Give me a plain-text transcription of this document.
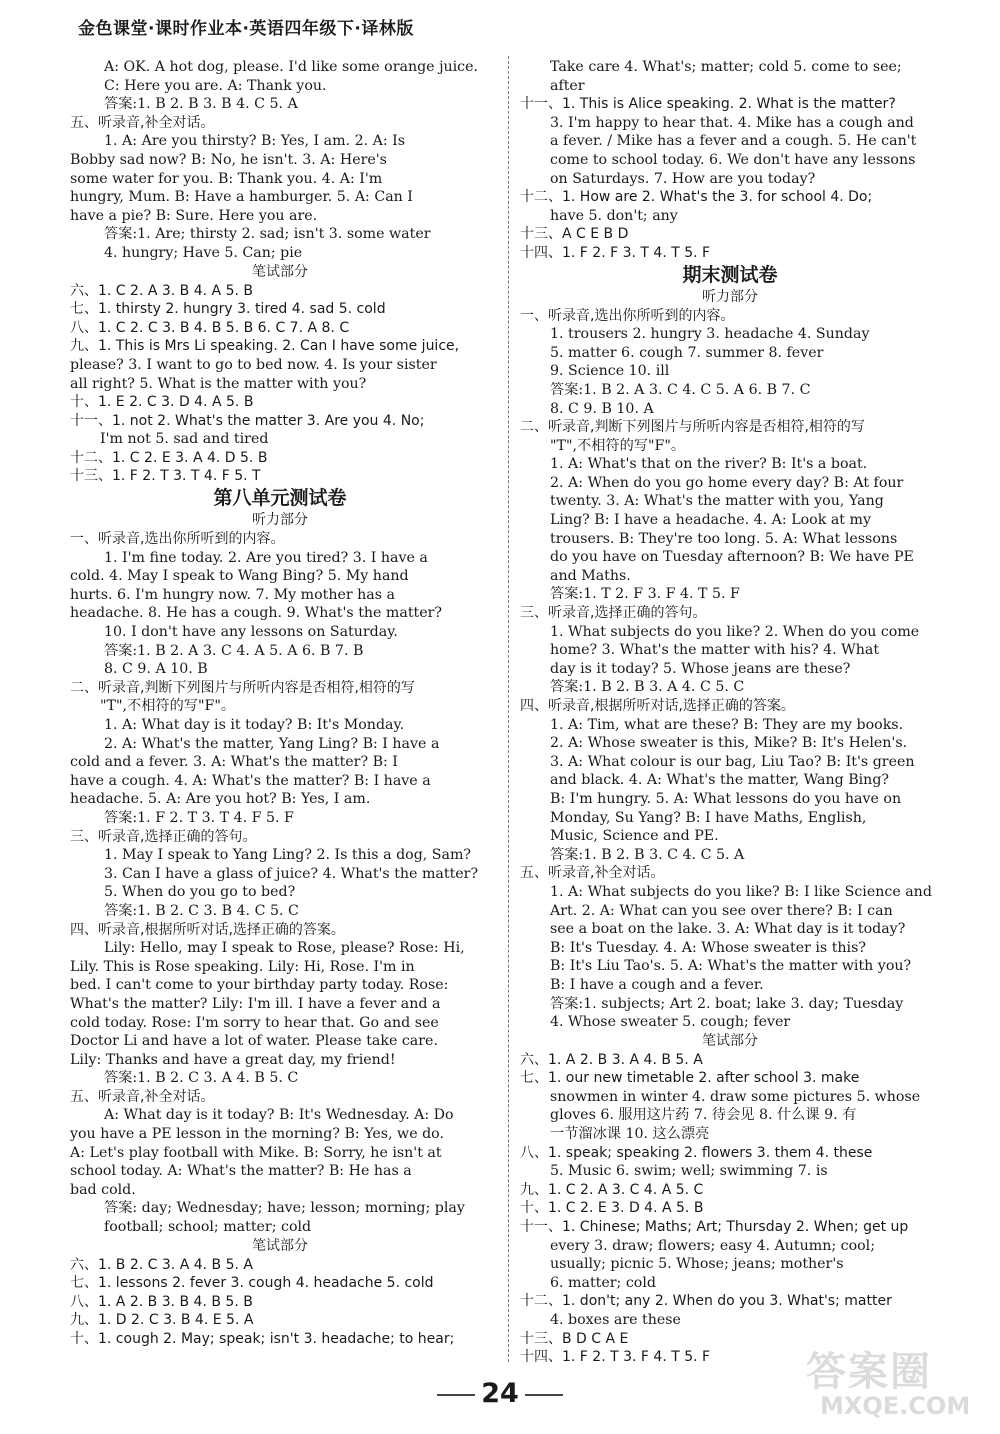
金色课堂·课时作业本·英语四年级下·译林版
A: OK. A hot dog, please. I'd like some orange juice.
C: Here you are. A: Thank you.
答案:1. B 2. B 3. B 4. C 5. A
五、听录音,补全对话。
1. A: Are you thirsty? B: Yes, I am. 2. A: Is
Bobby sad now? B: No, he isn't. 3. A: Here's
some water for you. B: Thank you. 4. A: I'm
hungry, Mum. B: Have a hamburger. 5. A: Can I
have a pie? B: Sure. Here you are.
答案:1. Are; thirsty 2. sad; isn't 3. some water
4. hungry; Have 5. Can; pie
笔试部分
六、1. C 2. A 3. B 4. A 5. B
七、1. thirsty 2. hungry 3. tired 4. sad 5. cold
八、1. C 2. C 3. B 4. B 5. B 6. C 7. A 8. C
九、1. This is Mrs Li speaking. 2. Can I have some juice,
please? 3. I want to go to bed now. 4. Is your sister
all right? 5. What is the matter with you?
十、1. E 2. C 3. D 4. A 5. B
十一、1. not 2. What's the matter 3. Are you 4. No;
I'm not 5. sad and tired
十二、1. C 2. E 3. A 4. D 5. B
十三、1. F 2. T 3. T 4. F 5. T
第八单元测试卷
听力部分
一、听录音,选出你所听到的内容。
1. I'm fine today. 2. Are you tired? 3. I have a
cold. 4. May I speak to Wang Bing? 5. My hand
hurts. 6. I'm hungry now. 7. My mother has a
headache. 8. He has a cough. 9. What's the matter?
10. I don't have any lessons on Saturday.
答案:1. B 2. A 3. C 4. A 5. A 6. B 7. B
8. C 9. A 10. B
二、听录音,判断下列图片与所听内容是否相符,相符的写
"T",不相符的写"F"。
1. A: What day is it today? B: It's Monday.
2. A: What's the matter, Yang Ling? B: I have a
cold and a fever. 3. A: What's the matter? B: I
have a cough. 4. A: What's the matter? B: I have a
headache. 5. A: Are you hot? B: Yes, I am.
答案:1. F 2. T 3. T 4. F 5. F
三、听录音,选择正确的答句。
1. May I speak to Yang Ling? 2. Is this a dog, Sam?
3. Can I have a glass of juice? 4. What's the matter?
5. When do you go to bed?
答案:1. B 2. C 3. B 4. C 5. C
四、听录音,根据所听对话,选择正确的答案。
Lily: Hello, may I speak to Rose, please? Rose: Hi,
Lily. This is Rose speaking. Lily: Hi, Rose. I'm in
bed. I can't come to your birthday party today. Rose:
What's the matter? Lily: I'm ill. I have a fever and a
cold today. Rose: I'm sorry to hear that. Go and see
Doctor Li and have a lot of water. Please take care.
Lily: Thanks and have a great day, my friend!
答案:1. B 2. C 3. A 4. B 5. C
五、听录音,补全对话。
A: What day is it today? B: It's Wednesday. A: Do
you have a PE lesson in the morning? B: Yes, we do.
A: Let's play football with Mike. B: Sorry, he isn't at
school today. A: What's the matter? B: He has a
bad cold.
答案: day; Wednesday; have; lesson; morning; play
football; school; matter; cold
笔试部分
六、1. B 2. C 3. A 4. B 5. A
七、1. lessons 2. fever 3. cough 4. headache 5. cold
八、1. A 2. B 3. B 4. B 5. B
九、1. D 2. C 3. B 4. E 5. A
十、1. cough 2. May; speak; isn't 3. headache; to hear;
Take care 4. What's; matter; cold 5. come to see;
after
十一、1. This is Alice speaking. 2. What is the matter?
3. I'm happy to hear that. 4. Mike has a cough and
a fever. / Mike has a fever and a cough. 5. He can't
come to school today. 6. We don't have any lessons
on Saturdays. 7. How are you today?
十二、1. How are 2. What's the 3. for school 4. Do;
have 5. don't; any
十三、A C E B D
十四、1. F 2. F 3. T 4. T 5. F
期末测试卷
听力部分
一、听录音,选出你所听到的内容。
1. trousers 2. hungry 3. headache 4. Sunday
5. matter 6. cough 7. summer 8. fever
9. Science 10. ill
答案:1. B 2. A 3. C 4. C 5. A 6. B 7. C
8. C 9. B 10. A
二、听录音,判断下列图片与所听内容是否相符,相符的写
"T",不相符的写"F"。
1. A: What's that on the river? B: It's a boat.
2. A: When do you go home every day? B: At four
twenty. 3. A: What's the matter with you, Yang
Ling? B: I have a headache. 4. A: Look at my
trousers. B: They're too long. 5. A: What lessons
do you have on Tuesday afternoon? B: We have PE
and Maths.
答案:1. T 2. F 3. F 4. T 5. F
三、听录音,选择正确的答句。
1. What subjects do you like? 2. When do you come
home? 3. What's the matter with his? 4. What
day is it today? 5. Whose jeans are these?
答案:1. B 2. B 3. A 4. C 5. C
四、听录音,根据所听对话,选择正确的答案。
1. A: Tim, what are these? B: They are my books.
2. A: Whose sweater is this, Mike? B: It's Helen's.
3. A: What colour is our bag, Liu Tao? B: It's green
and black. 4. A: What's the matter, Wang Bing?
B: I'm hungry. 5. A: What lessons do you have on
Monday, Su Yang? B: I have Maths, English,
Music, Science and PE.
答案:1. B 2. B 3. C 4. C 5. A
五、听录音,补全对话。
1. A: What subjects do you like? B: I like Science and
Art. 2. A: What can you see over there? B: I can
see a boat on the lake. 3. A: What day is it today?
B: It's Tuesday. 4. A: Whose sweater is this?
B: It's Liu Tao's. 5. A: What's the matter with you?
B: I have a cough and a fever.
答案:1. subjects; Art 2. boat; lake 3. day; Tuesday
4. Whose sweater 5. cough; fever
笔试部分
六、1. A 2. B 3. A 4. B 5. A
七、1. our new timetable 2. after school 3. make
snowmen in winter 4. draw some pictures 5. whose
gloves 6. 服用这片药 7. 待会见 8. 什么课 9. 有
一节溜冰课 10. 这么漂亮
八、1. speak; speaking 2. flowers 3. them 4. these
5. Music 6. swim; well; swimming 7. is
九、1. C 2. A 3. C 4. A 5. C
十、1. C 2. E 3. D 4. A 5. B
十一、1. Chinese; Maths; Art; Thursday 2. When; get up
every 3. draw; flowers; easy 4. Autumn; cool;
usually; picnic 5. Whose; jeans; mother's
6. matter; cold
十二、1. don't; any 2. When do you 3. What's; matter
4. boxes are these
十三、B D C A E
十四、1. F 2. T 3. F 4. T 5. F
24	答案圈
MXQE.COM
